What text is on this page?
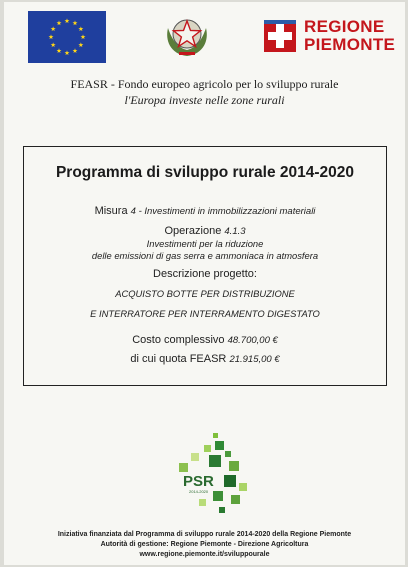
REGIONE
PIEMONTE
FEASR - Fondo europeo agricolo per lo sviluppo rurale
l'Europa investe nelle zone rurali
Programma di sviluppo rurale 2014-2020
Misura 4 - Investimenti in immobilizzazioni materiali
Operazione 4.1.3
Investimenti per la riduzione
delle emissioni di gas serra e ammoniaca in atmosfera
Descrizione progetto:
ACQUISTO BOTTE PER DISTRIBUZIONE
E INTERRATORE PER INTERRAMENTO DIGESTATO
Costo complessivo 48.700,00 €
di cui quota FEASR 21.915,00 €
PSR
2014-2020
Iniziativa finanziata dal Programma di sviluppo rurale 2014-2020 della Regione Piemonte
Autorità di gestione: Regione Piemonte - Direzione Agricoltura
www.regione.piemonte.it/sviluppourale
